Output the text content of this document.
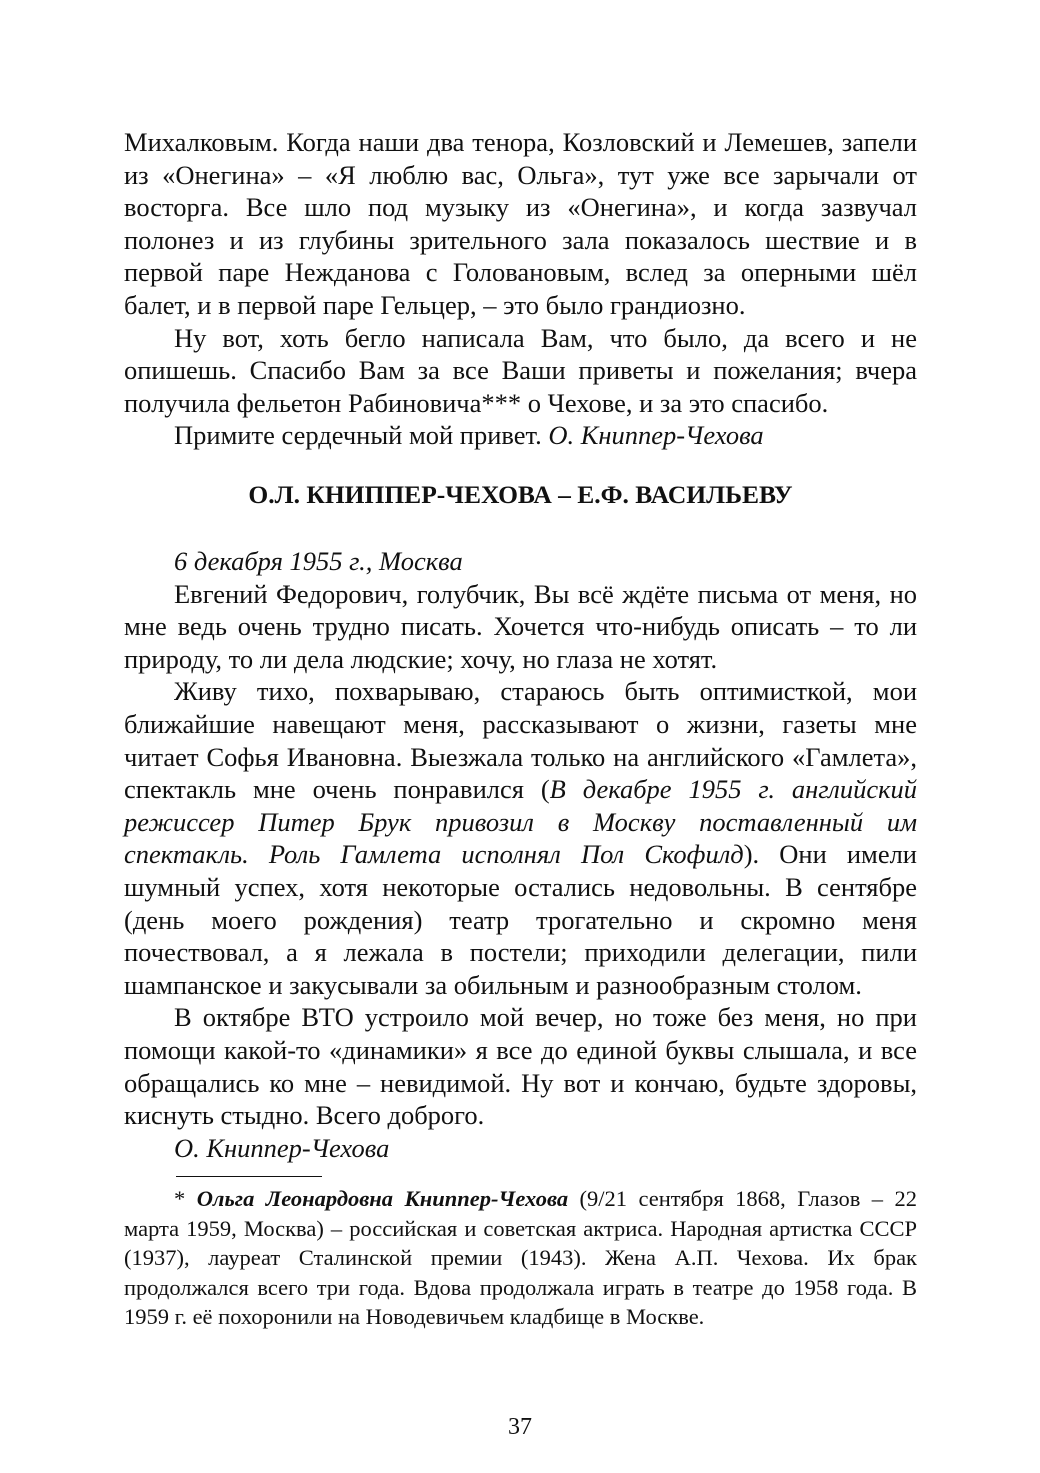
Михалковым. Когда наши два тенора, Козловский и Лемешев, запели из «Онегина» – «Я люблю вас, Ольга», тут уже все зарычали от восторга. Все шло под музыку из «Онегина», и когда зазвучал полонез и из глубины зрительного зала показалось шествие и в первой паре Нежданова с Головановым, вслед за оперными шёл балет, и в первой паре Гельцер, – это было грандиозно.

Ну вот, хоть бегло написала Вам, что было, да всего и не опишешь. Спасибо Вам за все Ваши приветы и пожелания; вчера получила фельетон Рабиновича*** о Чехове, и за это спасибо.

Примите сердечный мой привет. О. Книппер-Чехова

О.Л. КНИППЕР-ЧЕХОВА – Е.Ф. ВАСИЛЬЕВУ

6 декабря 1955 г., Москва

Евгений Федорович, голубчик, Вы всё ждёте письма от меня, но мне ведь очень трудно писать. Хочется что-нибудь описать – то ли природу, то ли дела людские; хочу, но глаза не хотят.

Живу тихо, похварываю, стараюсь быть оптимисткой, мои ближайшие навещают меня, рассказывают о жизни, газеты мне читает Софья Ивановна. Выезжала только на английского «Гамлета», спектакль мне очень понравился (В декабре 1955 г. английский режиссер Питер Брук привозил в Москву поставленный им спектакль. Роль Гамлета исполнял Пол Скофилд). Они имели шумный успех, хотя некоторые остались недовольны. В сентябре (день моего рождения) театр трогательно и скромно меня почествовал, а я лежала в постели; приходили делегации, пили шампанское и закусывали за обильным и разнообразным столом.

В октябре ВТО устроило мой вечер, но тоже без меня, но при помощи какой-то «динамики» я все до единой буквы слышала, и все обращались ко мне – невидимой. Ну вот и кончаю, будьте здоровы, киснуть стыдно. Всего доброго.

О. Книппер-Чехова

* Ольга Леонардовна Книппер-Чехова (9/21 сентября 1868, Глазов – 22 марта 1959, Москва) – российская и советская актриса. Народная артистка СССР (1937), лауреат Сталинской премии (1943). Жена А.П. Чехова. Их брак продолжался всего три года. Вдова продолжала играть в театре до 1958 года. В 1959 г. её похоронили на Новодевичьем кладбище в Москве.

37
